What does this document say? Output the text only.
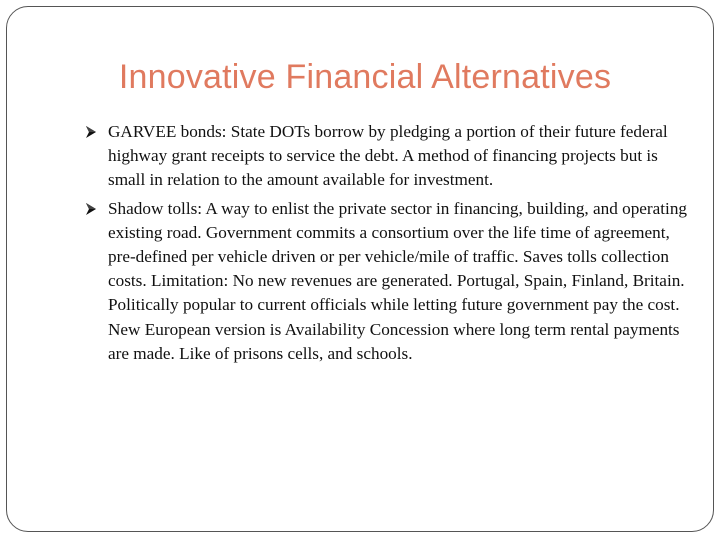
Innovative Financial Alternatives
GARVEE bonds: State DOTs borrow by pledging a portion of their future federal highway grant receipts to service the debt. A method of financing projects but is small in relation to the amount available for investment.
Shadow tolls: A way to enlist the private sector in financing, building, and operating existing road. Government commits a consortium over the life time of agreement, pre-defined per vehicle driven or per vehicle/mile of traffic. Saves tolls collection costs. Limitation: No new revenues are generated. Portugal, Spain, Finland, Britain. Politically popular to current officials while letting future government pay the cost. New European version is Availability Concession where long term rental payments are made. Like of prisons cells, and schools.
